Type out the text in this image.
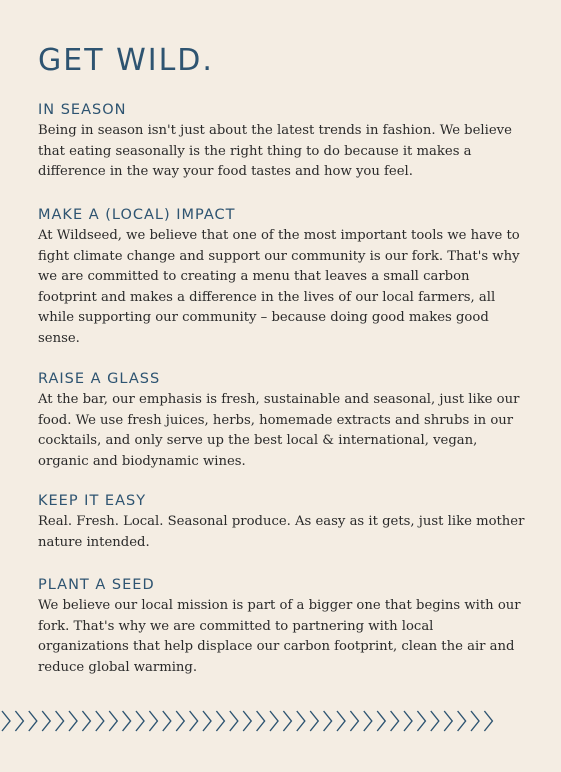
GET WILD.
IN SEASON

Being in season isn't just about the latest trends in fashion. We believe that eating seasonally is the right thing to do because it makes a difference in the way your food tastes and how you feel.

MAKE A (LOCAL) IMPACT

At Wildseed, we believe that one of the most important tools we have to fight climate change and support our community is our fork. That's why we are committed to creating a menu that leaves a small carbon footprint and makes a difference in the lives of our local farmers, all while supporting our community – because doing good makes good sense.

RAISE A GLASS

At the bar, our emphasis is fresh, sustainable and seasonal, just like our food. We use fresh juices, herbs, homemade extracts and shrubs in our cocktails, and only serve up the best local & international, vegan, organic and biodynamic wines.

KEEP IT EASY

Real. Fresh. Local. Seasonal produce. As easy as it gets, just like mother nature intended.

PLANT A SEED

We believe our local mission is part of a bigger one that begins with our fork. That's why we are committed to partnering with local organizations that help displace our carbon footprint, clean the air and reduce global warming.
